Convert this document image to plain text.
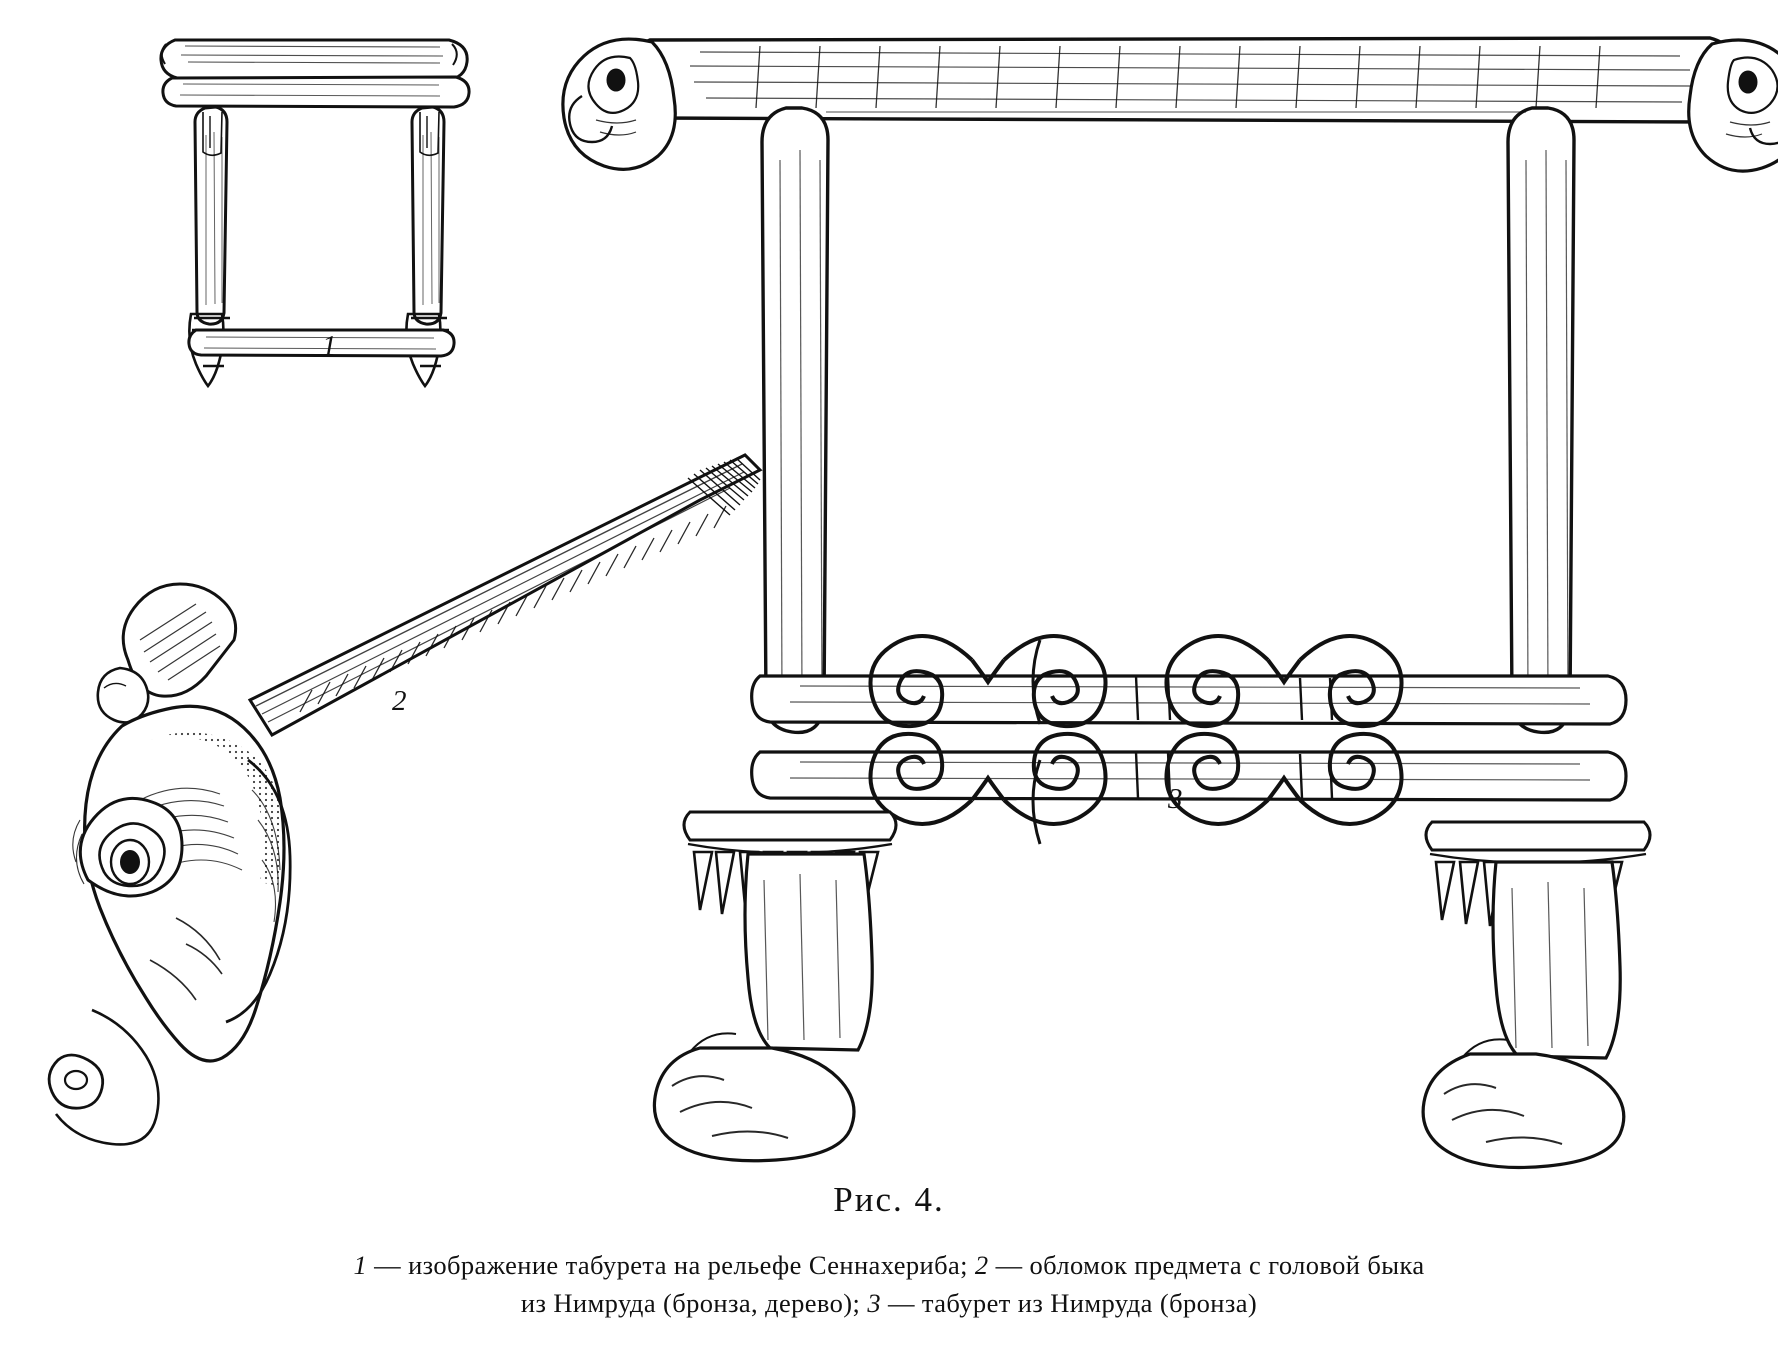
1
2
3
Рис. 4.
1 — изображение табурета на рельефе Сеннахериба; 2 — обломок предмета с головой быка
из Нимруда (бронза, дерево); 3 — табурет из Нимруда (бронза)
